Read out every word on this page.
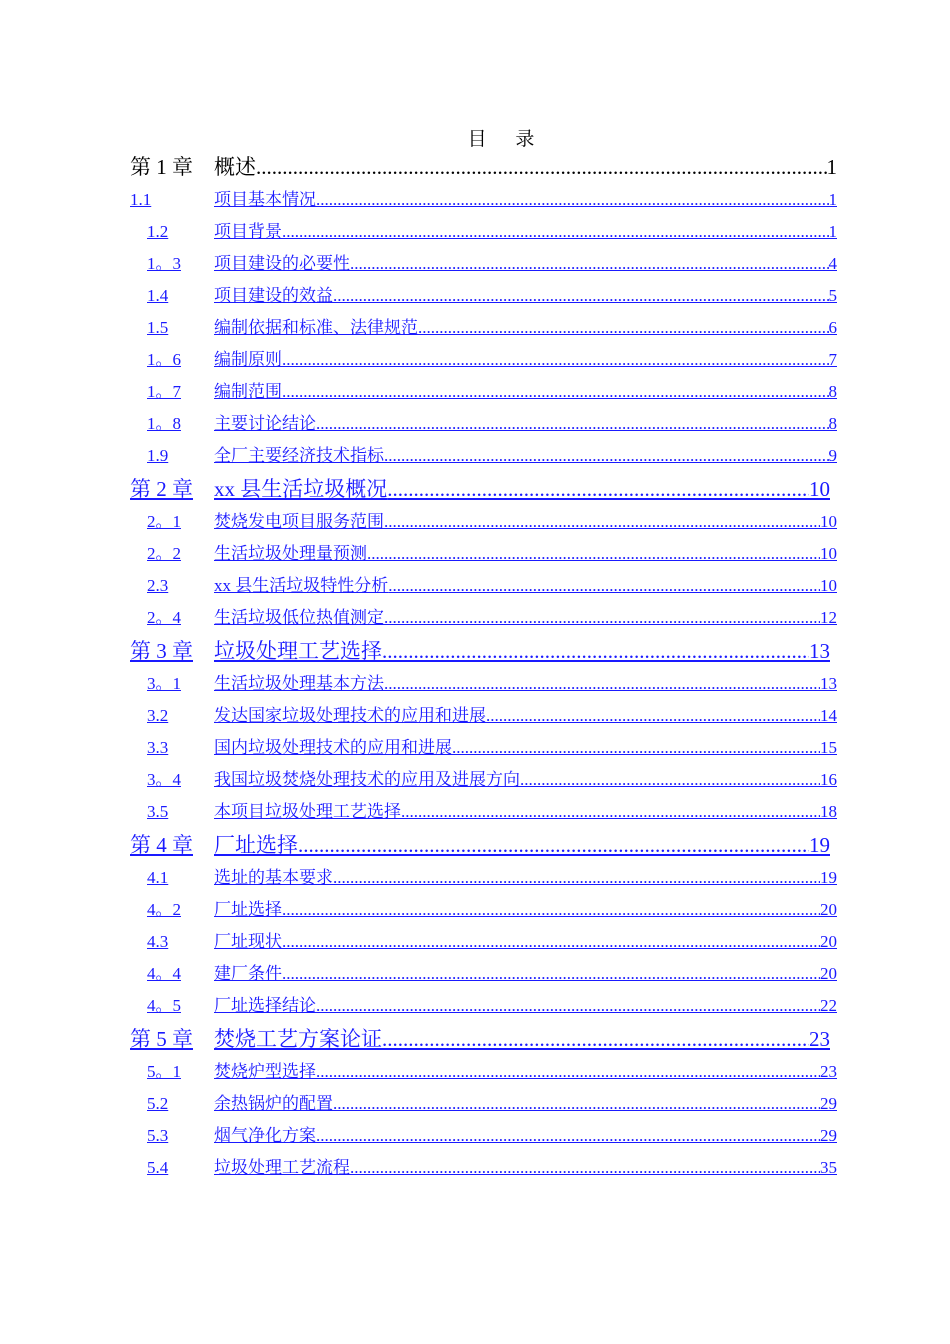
目 录
第 1 章	概述 .....	1
1.1	项目基本情况 .....	1
1.2	项目背景 .....	1
1。3	项目建设的必要性 .....	4
1.4	项目建设的效益 .....	5
1.5	编制依据和标准、法律规范 .....	6
1。6	编制原则 .....	7
1。7	编制范围 .....	8
1。8	主要讨论结论 .....	8
1.9	全厂主要经济技术指标 .....	9
第 2 章	xx 县生活垃圾概况 .....	10
2。1	焚烧发电项目服务范围 .....	10
2。2	生活垃圾处理量预测 .....	10
2.3	xx 县生活垃圾特性分析 .....	10
2。4	生活垃圾低位热值测定 .....	12
第 3 章	垃圾处理工艺选择 .....	13
3。1	生活垃圾处理基本方法 .....	13
3.2	发达国家垃圾处理技术的应用和进展 .....	14
3.3	国内垃圾处理技术的应用和进展 .....	15
3。4	我国垃圾焚烧处理技术的应用及进展方向 .....	16
3.5	本项目垃圾处理工艺选择 .....	18
第 4 章	厂址选择 .....	19
4.1	选址的基本要求 .....	19
4。2	厂址选择 .....	20
4.3	厂址现状 .....	20
4。4	建厂条件 .....	20
4。5	厂址选择结论 .....	22
第 5 章	焚烧工艺方案论证 .....	23
5。1	焚烧炉型选择 .....	23
5.2	余热锅炉的配置 .....	29
5.3	烟气净化方案 .....	29
5.4	垃圾处理工艺流程 .....	35
